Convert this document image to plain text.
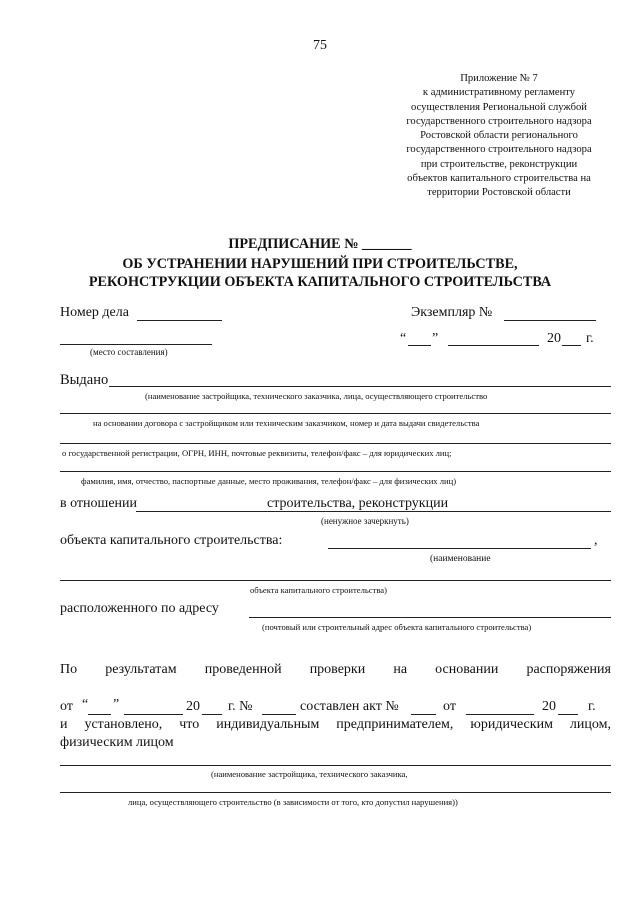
75
Приложение № 7
к административному регламенту
осуществления Региональной службой
государственного строительного надзора
Ростовской области регионального
государственного строительного надзора
при строительстве, реконструкции
объектов капитального строительства на
территории Ростовской области
ПРЕДПИСАНИЕ № _______
ОБ УСТРАНЕНИИ НАРУШЕНИЙ ПРИ СТРОИТЕЛЬСТВЕ,
РЕКОНСТРУКЦИИ ОБЪЕКТА КАПИТАЛЬНОГО СТРОИТЕЛЬСТВА
Номер дела	Экземпляр №
(место составления)
“ ”	20 г.
Выдано
(наименование застройщика, технического заказчика, лица, осуществляющего строительство
на основании договора с застройщиком или техническим заказчиком, номер и дата выдачи свидетельства
о государственной регистрации, ОГРН, ИНН, почтовые реквизиты, телефон/факс – для юридических лиц;
фамилия, имя, отчество, паспортные данные, место проживания, телефон/факс – для физических лиц)
в отношении	строительства, реконструкции
(ненужное зачеркнуть)
объекта капитального строительства:	,
(наименование
объекта капитального строительства)
расположенного по адресу
(почтовый или строительный адрес объекта капитального строительства)
По результатам проведенной проверки на основании распоряжения
от “ ”	20 г. №	составлен акт №	от	20 г.
и установлено, что индивидуальным предпринимателем, юридическим лицом,
физическим лицом
(наименование застройщика, технического заказчика,
лица, осуществляющего строительство (в зависимости от того, кто допустил нарушения))
